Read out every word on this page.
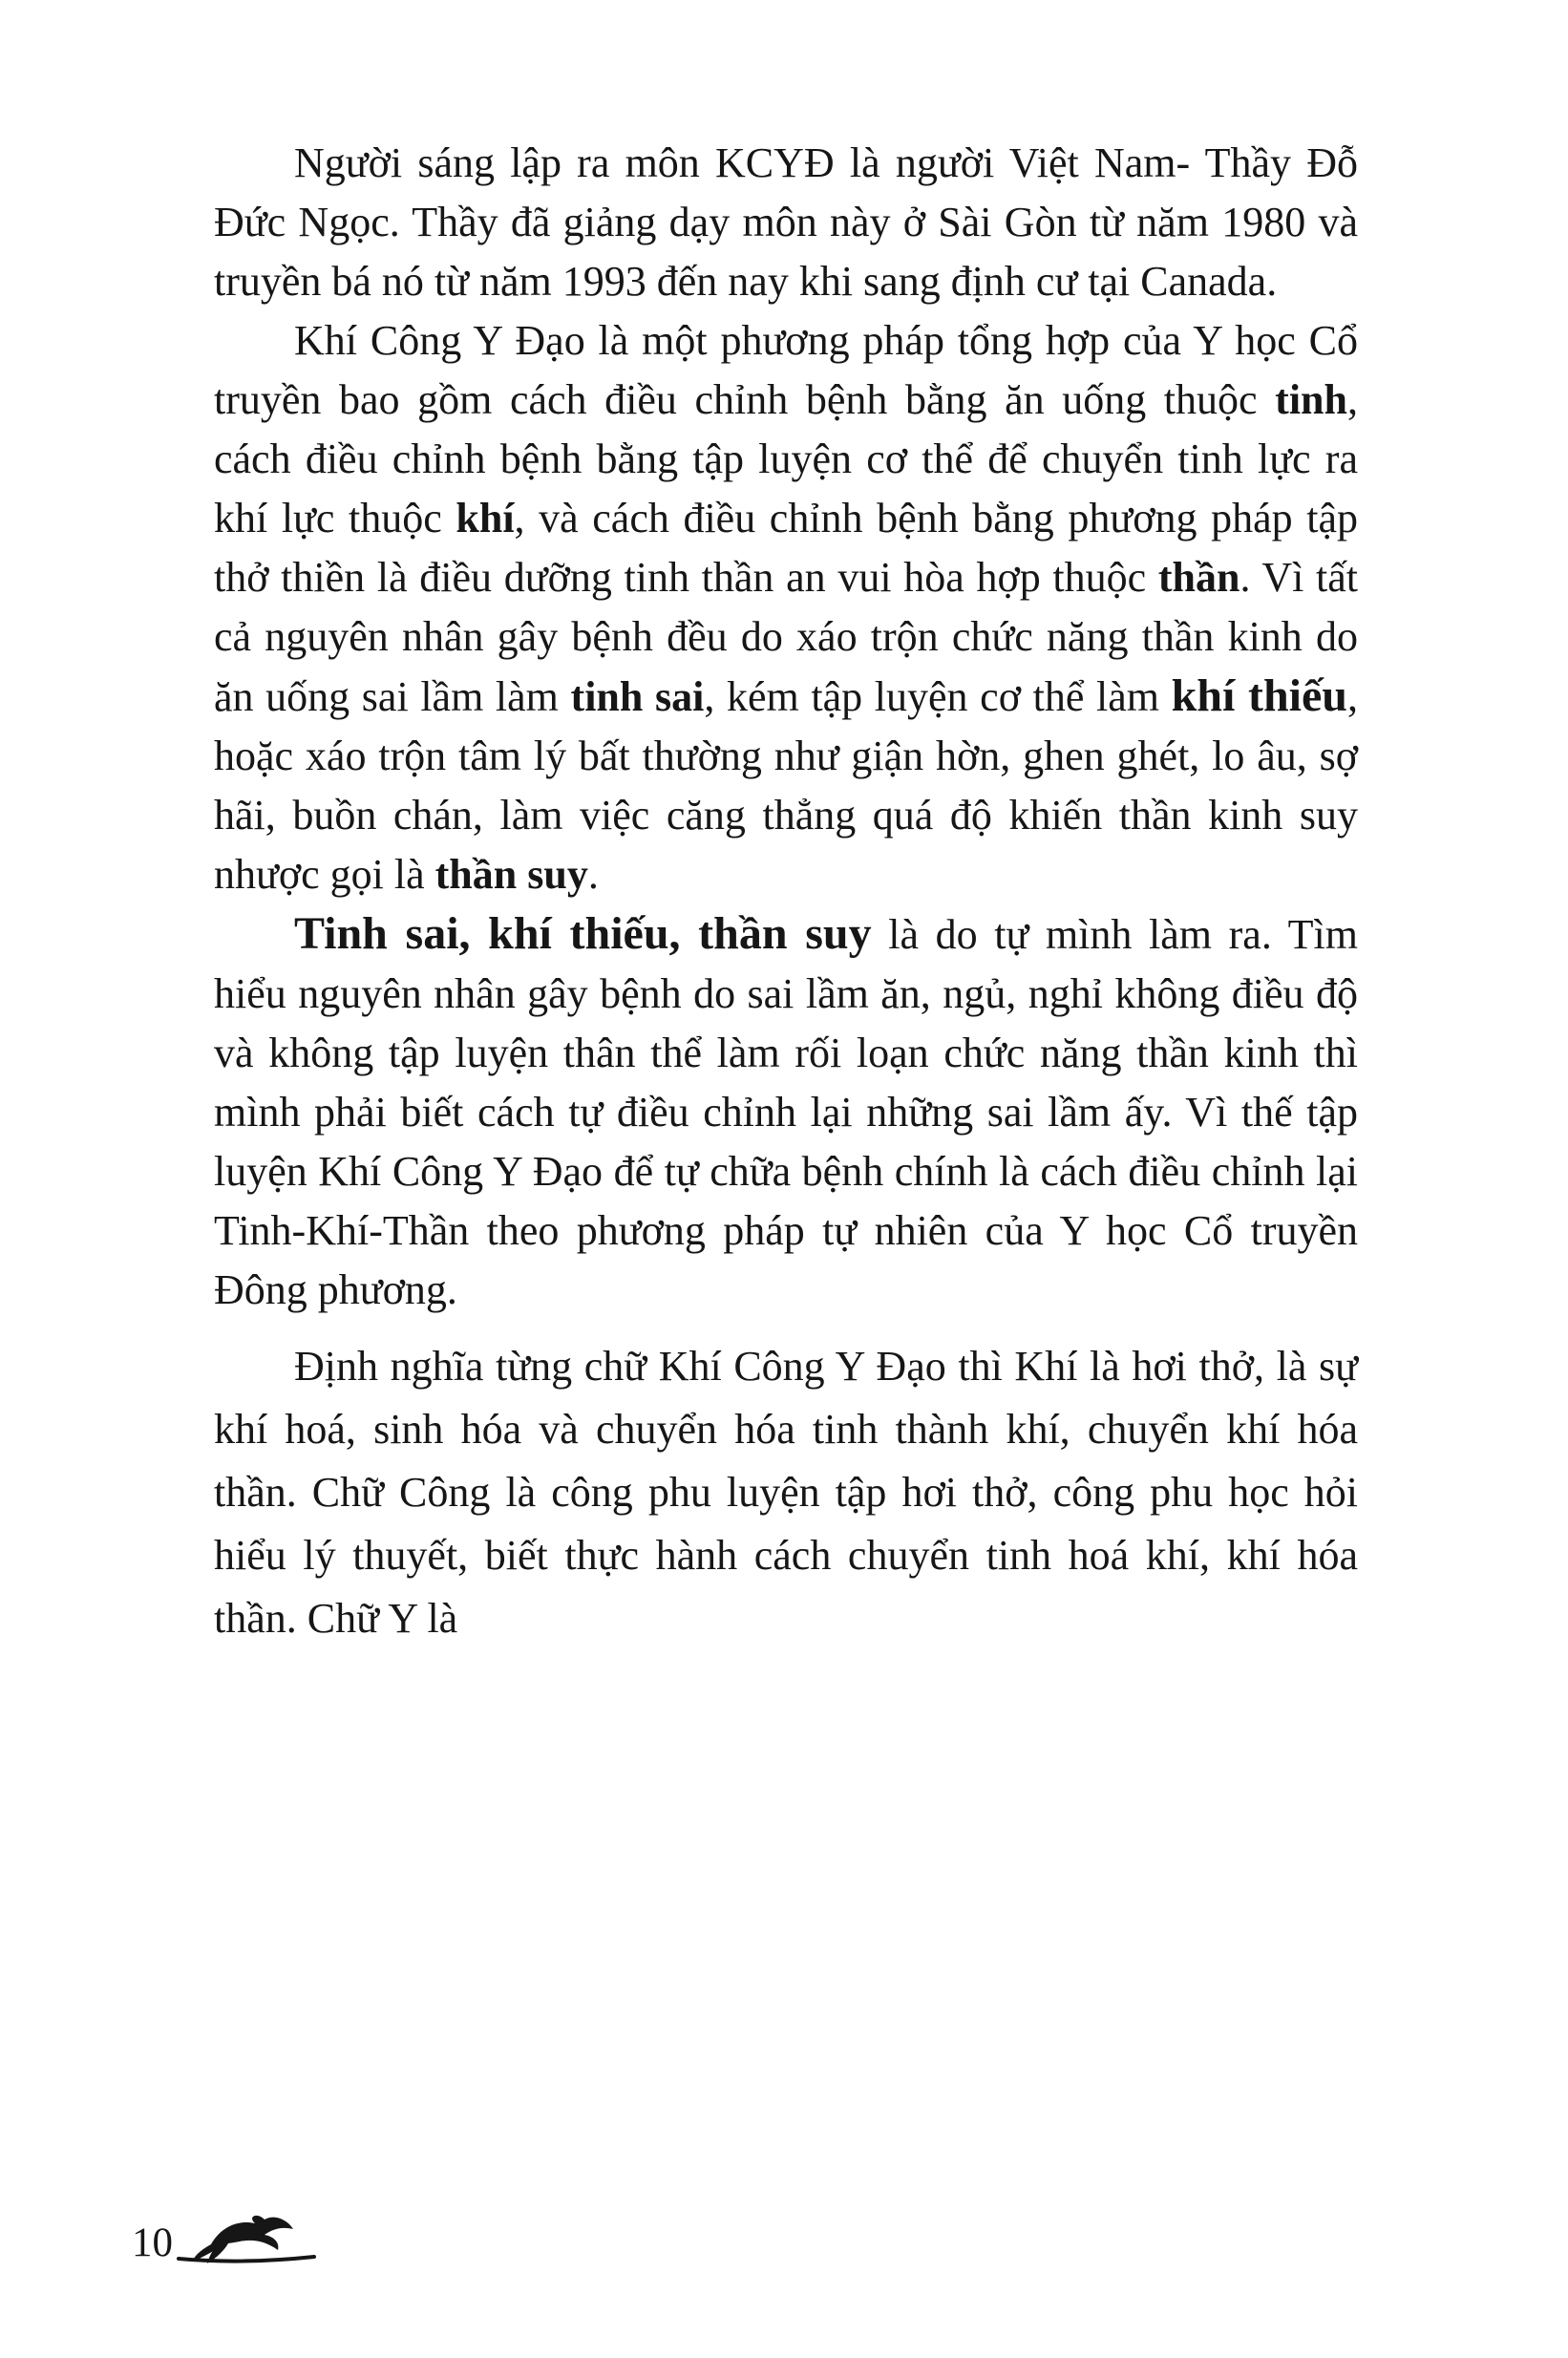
Người sáng lập ra môn KCYĐ là người Việt Nam- Thầy Đỗ Đức Ngọc. Thầy đã giảng dạy môn này ở Sài Gòn từ năm 1980 và truyền bá nó từ năm 1993 đến nay khi sang định cư tại Canada.

Khí Công Y Đạo là một phương pháp tổng hợp của Y học Cổ truyền bao gồm cách điều chỉnh bệnh bằng ăn uống thuộc tinh, cách điều chỉnh bệnh bằng tập luyện cơ thể để chuyển tinh lực ra khí lực thuộc khí, và cách điều chỉnh bệnh bằng phương pháp tập thở thiền là điều dưỡng tinh thần an vui hòa hợp thuộc thần. Vì tất cả nguyên nhân gây bệnh đều do xáo trộn chức năng thần kinh do ăn uống sai lầm làm tinh sai, kém tập luyện cơ thể làm khí thiếu, hoặc xáo trộn tâm lý bất thường như giận hờn, ghen ghét, lo âu, sợ hãi, buồn chán, làm việc căng thẳng quá độ khiến thần kinh suy nhược gọi là thần suy.

Tinh sai, khí thiếu, thần suy là do tự mình làm ra. Tìm hiểu nguyên nhân gây bệnh do sai lầm ăn, ngủ, nghỉ không điều độ và không tập luyện thân thể làm rối loạn chức năng thần kinh thì mình phải biết cách tự điều chỉnh lại những sai lầm ấy. Vì thế tập luyện Khí Công Y Đạo để tự chữa bệnh chính là cách điều chỉnh lại Tinh-Khí-Thần theo phương pháp tự nhiên của Y học Cổ truyền Đông phương.

Định nghĩa từng chữ Khí Công Y Đạo thì Khí là hơi thở, là sự khí hoá, sinh hóa và chuyển hóa tinh thành khí, chuyển khí hóa thần. Chữ Công là công phu luyện tập hơi thở, công phu học hỏi hiểu lý thuyết, biết thực hành cách chuyển tinh hoá khí, khí hóa thần. Chữ Y là

10
